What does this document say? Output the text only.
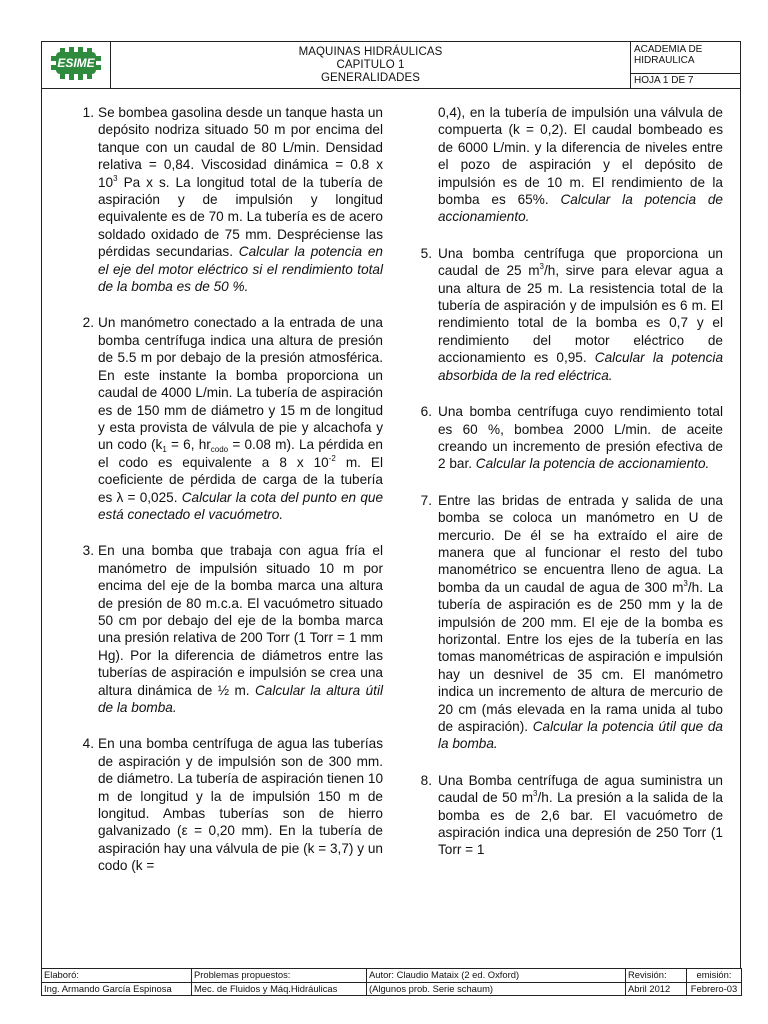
ESIME

MAQUINAS HIDRÁULICAS
CAPITULO 1
GENERALIDADES

ACADEMIA DE
HIDRAULICA

HOJA 1 DE 7
1. Se bombea gasolina desde un tanque hasta un depósito nodriza situado 50 m por encima del tanque con un caudal de 80 L/min. Densidad relativa = 0,84. Viscosidad dinámica = 0.8 x $10^3$ Pa x s. La longitud total de la tubería de aspiración y de impulsión y longitud equivalente es de 70 m. La tubería es de acero soldado oxidado de 75 mm. Despréciense las pérdidas secundarias. Calcular la potencia en el eje del motor eléctrico si el rendimiento total de la bomba es de 50 %.
2. Un manómetro conectado a la entrada de una bomba centrífuga indica una altura de presión de 5.5 m por debajo de la presión atmosférica. En este instante la bomba proporciona un caudal de 4000 L/min. La tubería de aspiración es de 150 mm de diámetro y 15 m de longitud y esta provista de válvula de pie y alcachofa y un codo ($k_1 = 6$, $hr_{codo} = 0.08$ m). La pérdida en el codo es equivalente a 8 x $10^{-2}$ m. El coeficiente de pérdida de carga de la tubería es λ = 0,025. Calcular la cota del punto en que está conectado el vacuómetro.
3. En una bomba que trabaja con agua fría el manómetro de impulsión situado 10 m por encima del eje de la bomba marca una altura de presión de 80 m.c.a. El vacuómetro situado 50 cm por debajo del eje de la bomba marca una presión relativa de 200 Torr (1 Torr = 1 mm Hg). Por la diferencia de diámetros entre las tuberías de aspiración e impulsión se crea una altura dinámica de ½ m. Calcular la altura útil de la bomba.
4. En una bomba centrífuga de agua las tuberías de aspiración y de impulsión son de 300 mm. de diámetro. La tubería de aspiración tienen 10 m de longitud y la de impulsión 150 m de longitud. Ambas tuberías son de hierro galvanizado (ε = 0,20 mm). En la tubería de aspiración hay una válvula de pie (k = 3,7) y un codo (k =
0,4), en la tubería de impulsión una válvula de compuerta (k = 0,2). El caudal bombeado es de 6000 L/min. y la diferencia de niveles entre el pozo de aspiración y el depósito de impulsión es de 10 m. El rendimiento de la bomba es 65%. Calcular la potencia de accionamiento.
5. Una bomba centrífuga que proporciona un caudal de 25 $m^3/h$, sirve para elevar agua a una altura de 25 m. La resistencia total de la tubería de aspiración y de impulsión es 6 m. El rendimiento total de la bomba es 0,7 y el rendimiento del motor eléctrico de accionamiento es 0,95. Calcular la potencia absorbida de la red eléctrica.
6. Una bomba centrífuga cuyo rendimiento total es 60 %, bombea 2000 L/min. de aceite creando un incremento de presión efectiva de 2 bar. Calcular la potencia de accionamiento.
7. Entre las bridas de entrada y salida de una bomba se coloca un manómetro en U de mercurio. De él se ha extraído el aire de manera que al funcionar el resto del tubo manométrico se encuentra lleno de agua. La bomba da un caudal de agua de 300 $m^3/h$. La tubería de aspiración es de 250 mm y la de impulsión de 200 mm. El eje de la bomba es horizontal. Entre los ejes de la tubería en las tomas manométricas de aspiración e impulsión hay un desnivel de 35 cm. El manómetro indica un incremento de altura de mercurio de 20 cm (más elevada en la rama unida al tubo de aspiración). Calcular la potencia útil que da la bomba.
8. Una Bomba centrífuga de agua suministra un caudal de 50 $m^3/h$. La presión a la salida de la bomba es de 2,6 bar. El vacuómetro de aspiración indica una depresión de 250 Torr (1 Torr = 1
Elaboró:	Problemas propuestos:	Autor: Claudio Mataix (2 ed. Oxford)	Revisión:	emisión:
Ing. Armando García Espinosa	Mec. de Fluidos y Máq.Hidráulicas	(Algunos prob. Serie schaum)	Abril 2012	Febrero-03
